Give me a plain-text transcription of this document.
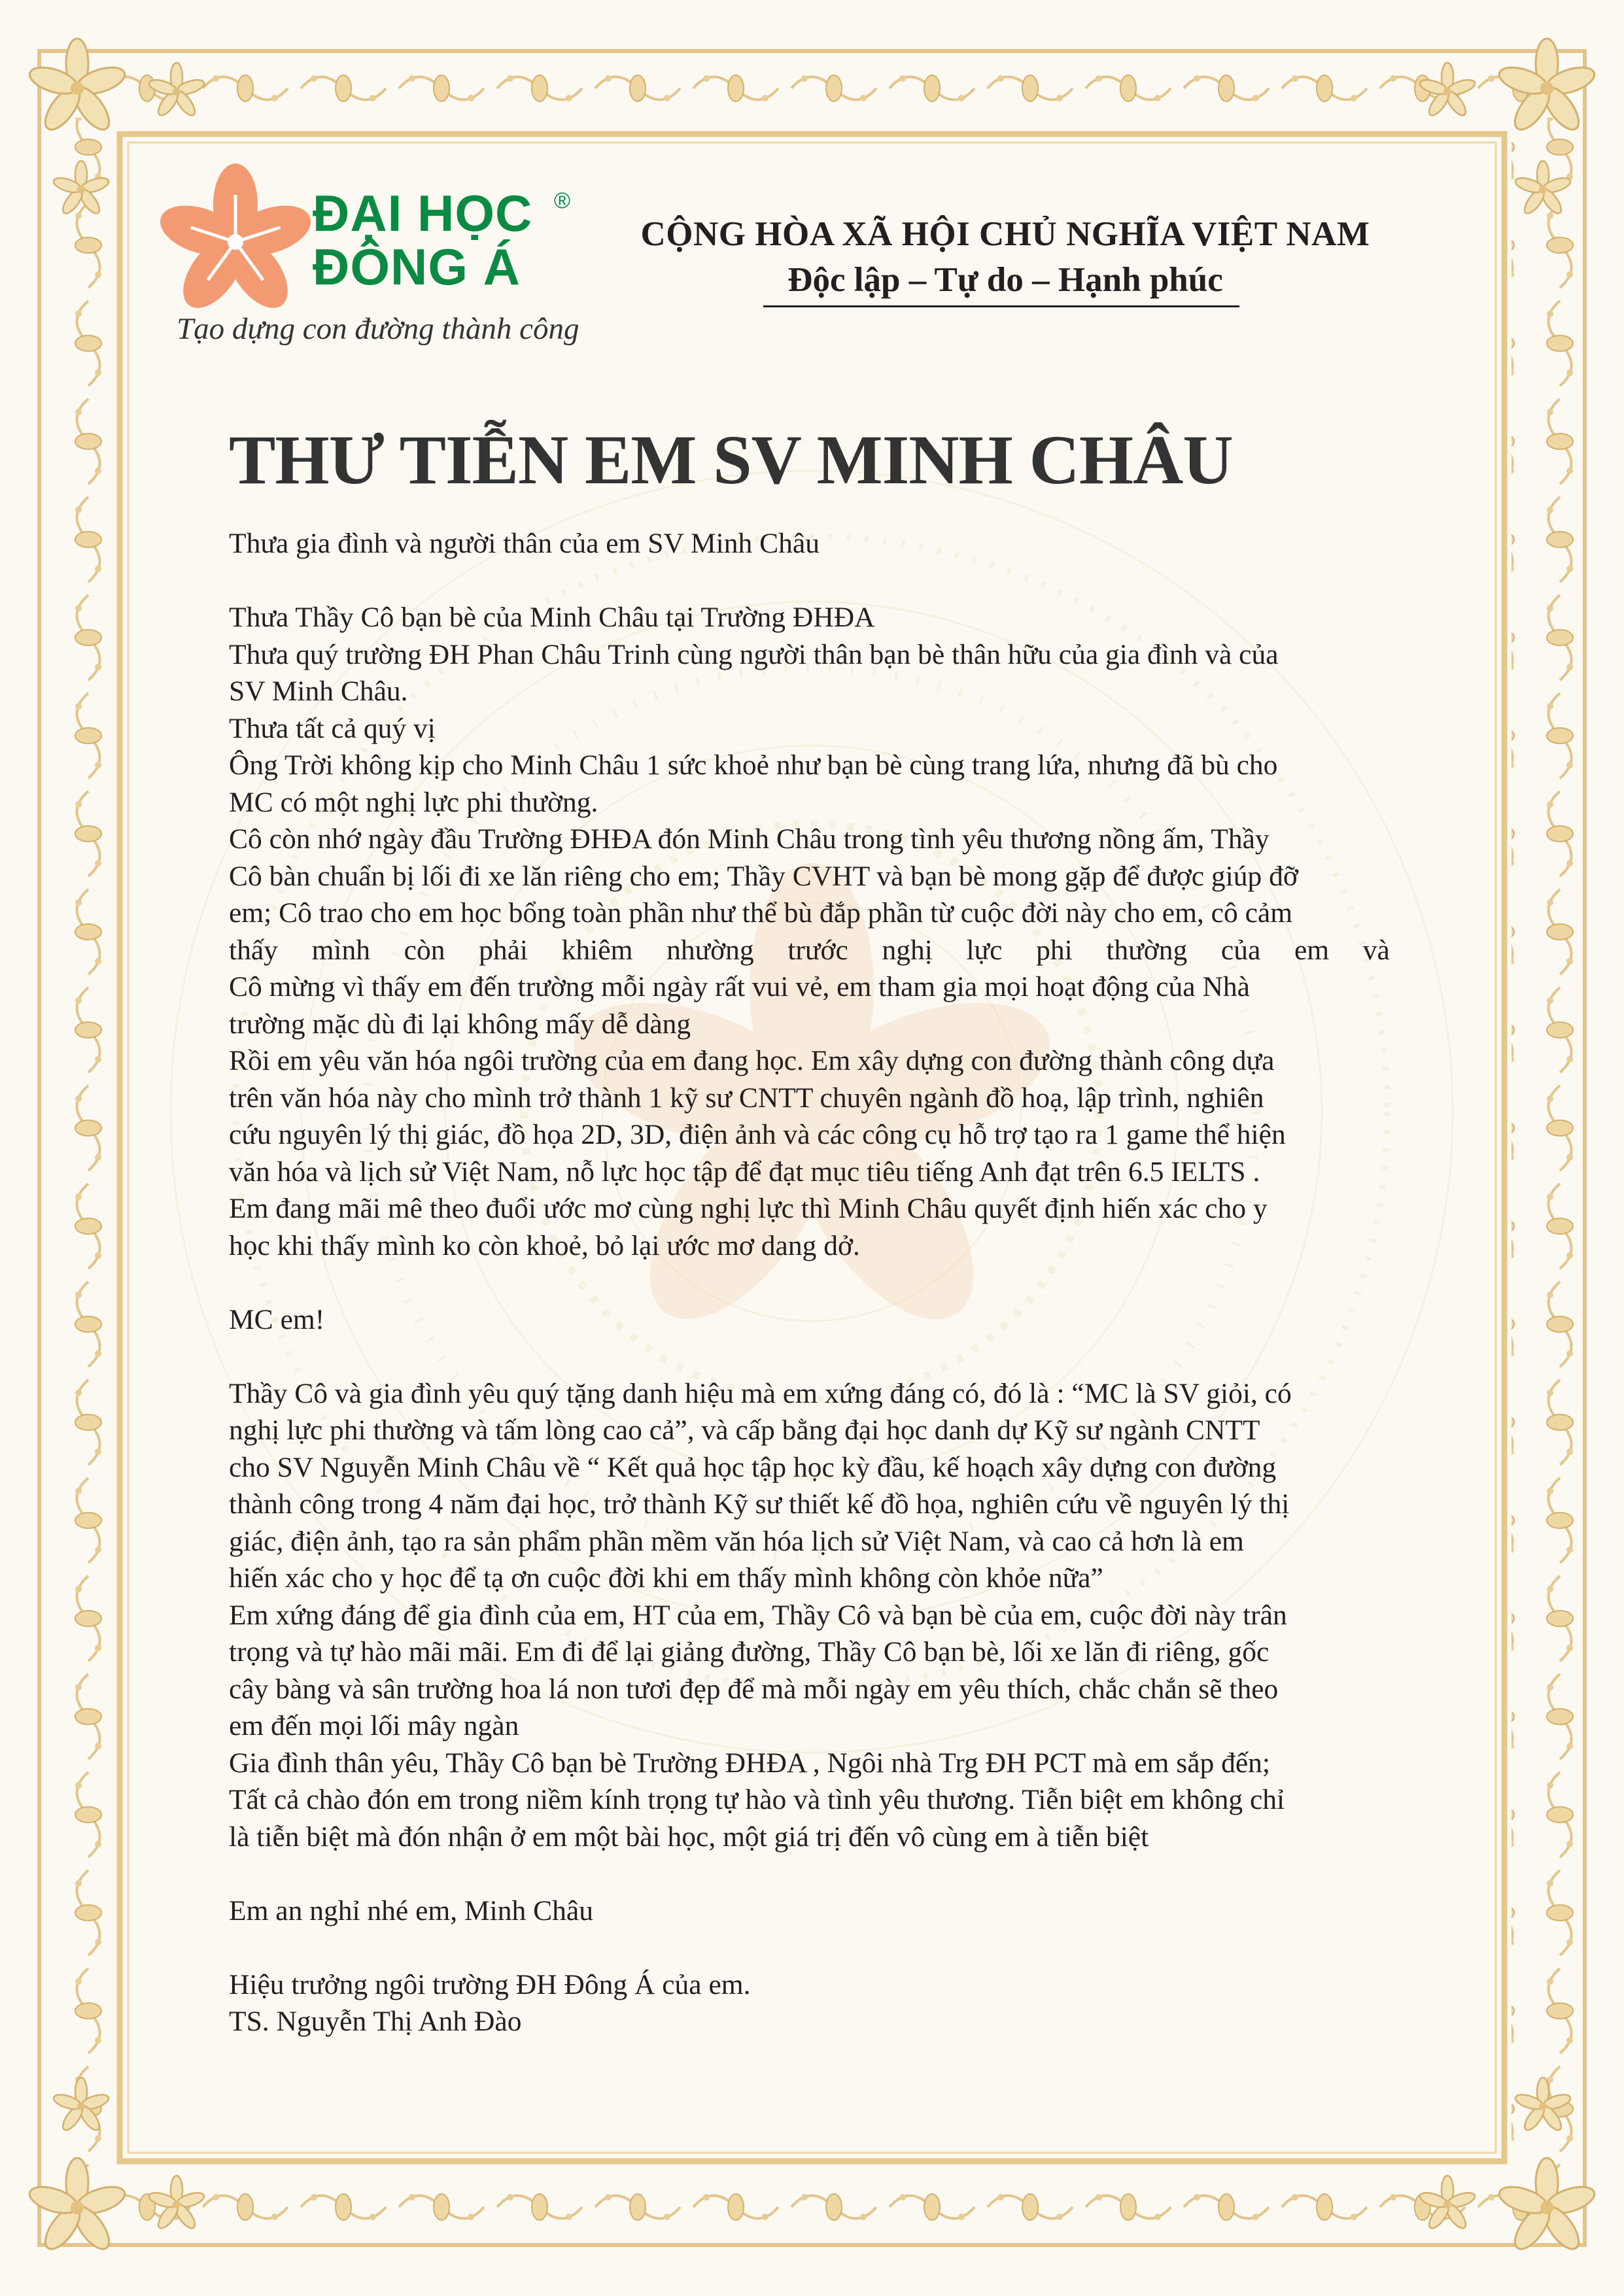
ĐẠI HỌC
ĐÔNG Á
®
Tạo dựng con đường thành công
CỘNG HÒA XÃ HỘI CHỦ NGHĨA VIỆT NAM
Độc lập – Tự do – Hạnh phúc
THƯ TIỄN EM SV MINH CHÂU
Thưa gia đình và người thân của em SV Minh Châu
Thưa Thầy Cô bạn bè của Minh Châu tại Trường ĐHĐA
Thưa quý trường ĐH Phan Châu Trinh cùng người thân bạn bè thân hữu của gia đình và của
SV Minh Châu.
Thưa tất cả quý vị
Ông Trời không kịp cho Minh Châu 1 sức khoẻ như bạn bè cùng trang lứa, nhưng đã bù cho
MC có một nghị lực phi thường.
Cô còn nhớ ngày đầu Trường ĐHĐA đón Minh Châu trong tình yêu thương nồng ấm, Thầy
Cô bàn chuẩn bị lối đi xe lăn riêng cho em; Thầy CVHT và bạn bè mong gặp để được giúp đỡ
em; Cô trao cho em học bổng toàn phần như thể bù đắp phần từ cuộc đời này cho em, cô cảm
thấy mình còn phải khiêm nhường trước nghị lực phi thường của em và
Cô mừng vì thấy em đến trường mỗi ngày rất vui vẻ, em tham gia mọi hoạt động của Nhà
trường mặc dù đi lại không mấy dễ dàng
Rồi em yêu văn hóa ngôi trường của em đang học. Em xây dựng con đường thành công dựa
trên văn hóa này cho mình trở thành 1 kỹ sư CNTT chuyên ngành đồ hoạ, lập trình, nghiên
cứu nguyên lý thị giác, đồ họa 2D, 3D, điện ảnh và các công cụ hỗ trợ tạo ra 1 game thể hiện
văn hóa và lịch sử Việt Nam, nỗ lực học tập để đạt mục tiêu tiếng Anh đạt trên 6.5 IELTS .
Em đang mãi mê theo đuổi ước mơ cùng nghị lực thì Minh Châu quyết định hiến xác cho y
học khi thấy mình ko còn khoẻ, bỏ lại ước mơ dang dở.
MC em!
Thầy Cô và gia đình yêu quý tặng danh hiệu mà em xứng đáng có, đó là : “MC là SV giỏi, có
nghị lực phi thường và tấm lòng cao cả”, và cấp bằng đại học danh dự Kỹ sư ngành CNTT
cho SV Nguyễn Minh Châu về “ Kết quả học tập học kỳ đầu, kế hoạch xây dựng con đường
thành công trong 4 năm đại học, trở thành Kỹ sư thiết kế đồ họa, nghiên cứu về nguyên lý thị
giác, điện ảnh, tạo ra sản phẩm phần mềm văn hóa lịch sử Việt Nam, và cao cả hơn là em
hiến xác cho y học để tạ ơn cuộc đời khi em thấy mình không còn khỏe nữa”
Em xứng đáng để gia đình của em, HT của em, Thầy Cô và bạn bè của em, cuộc đời này trân
trọng và tự hào mãi mãi. Em đi để lại giảng đường, Thầy Cô bạn bè, lối xe lăn đi riêng, gốc
cây bàng và sân trường hoa lá non tươi đẹp để mà mỗi ngày em yêu thích, chắc chắn sẽ theo
em đến mọi lối mây ngàn
Gia đình thân yêu, Thầy Cô bạn bè Trường ĐHĐA , Ngôi nhà Trg ĐH PCT mà em sắp đến;
Tất cả chào đón em trong niềm kính trọng tự hào và tình yêu thương. Tiễn biệt em không chỉ
là tiễn biệt mà đón nhận ở em một bài học, một giá trị đến vô cùng em à tiễn biệt
Em an nghỉ nhé em, Minh Châu
Hiệu trưởng ngôi trường ĐH Đông Á của em.
TS. Nguyễn Thị Anh Đào
